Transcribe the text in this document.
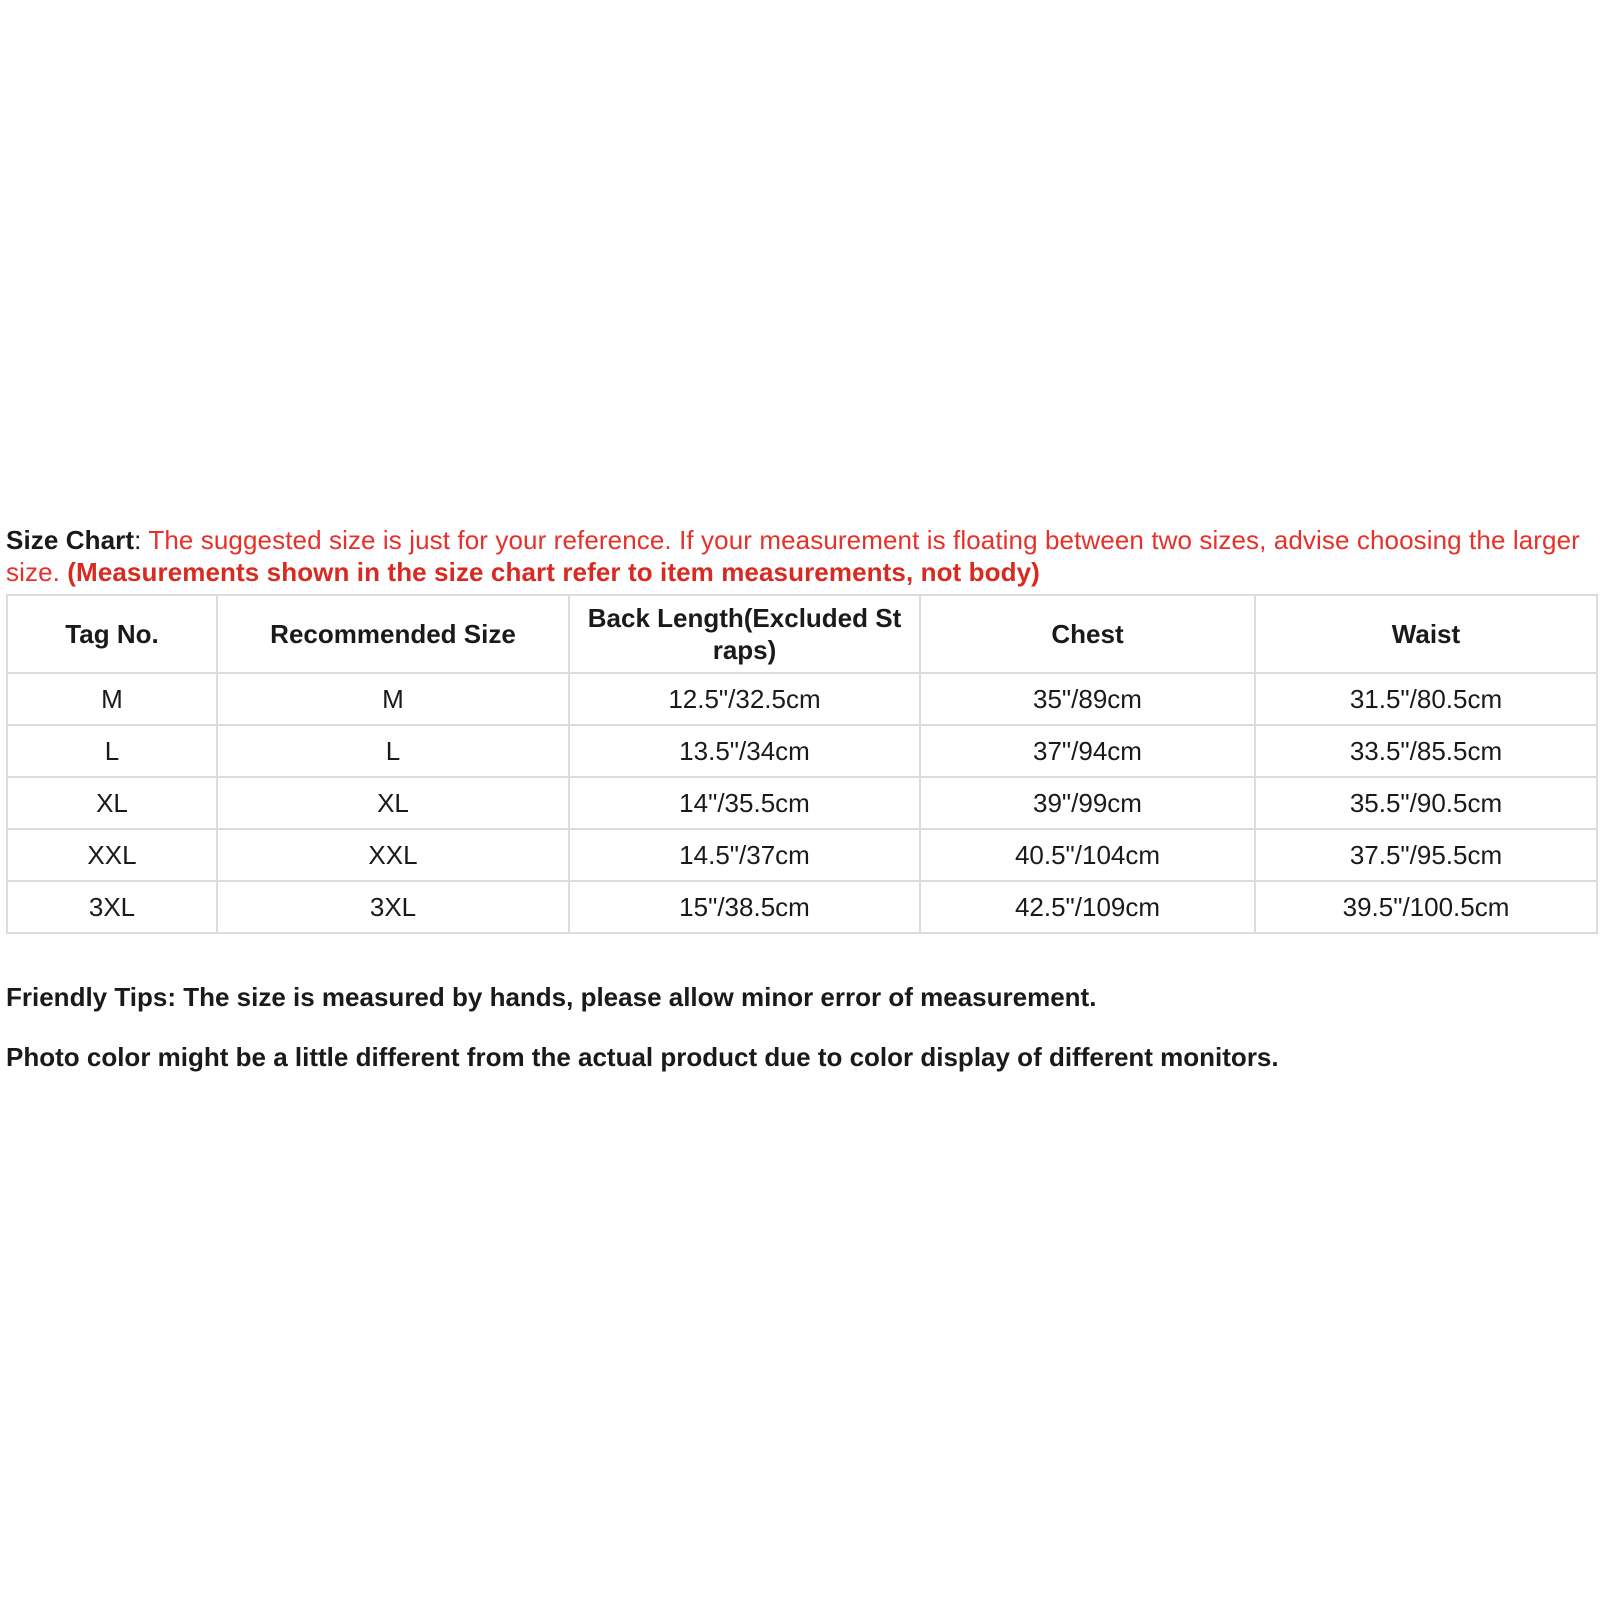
Size Chart: The suggested size is just for your reference. If your measurement is floating between two sizes, advise choosing the larger size. (Measurements shown in the size chart refer to item measurements, not body)
Tag No.	Recommended Size	Back Length(Excluded St raps)	Chest	Waist
M	M	12.5"/32.5cm	35"/89cm	31.5"/80.5cm
L	L	13.5"/34cm	37"/94cm	33.5"/85.5cm
XL	XL	14"/35.5cm	39"/99cm	35.5"/90.5cm
XXL	XXL	14.5"/37cm	40.5"/104cm	37.5"/95.5cm
3XL	3XL	15"/38.5cm	42.5"/109cm	39.5"/100.5cm
Friendly Tips: The size is measured by hands, please allow minor error of measurement.
Photo color might be a little different from the actual product due to color display of different monitors.
